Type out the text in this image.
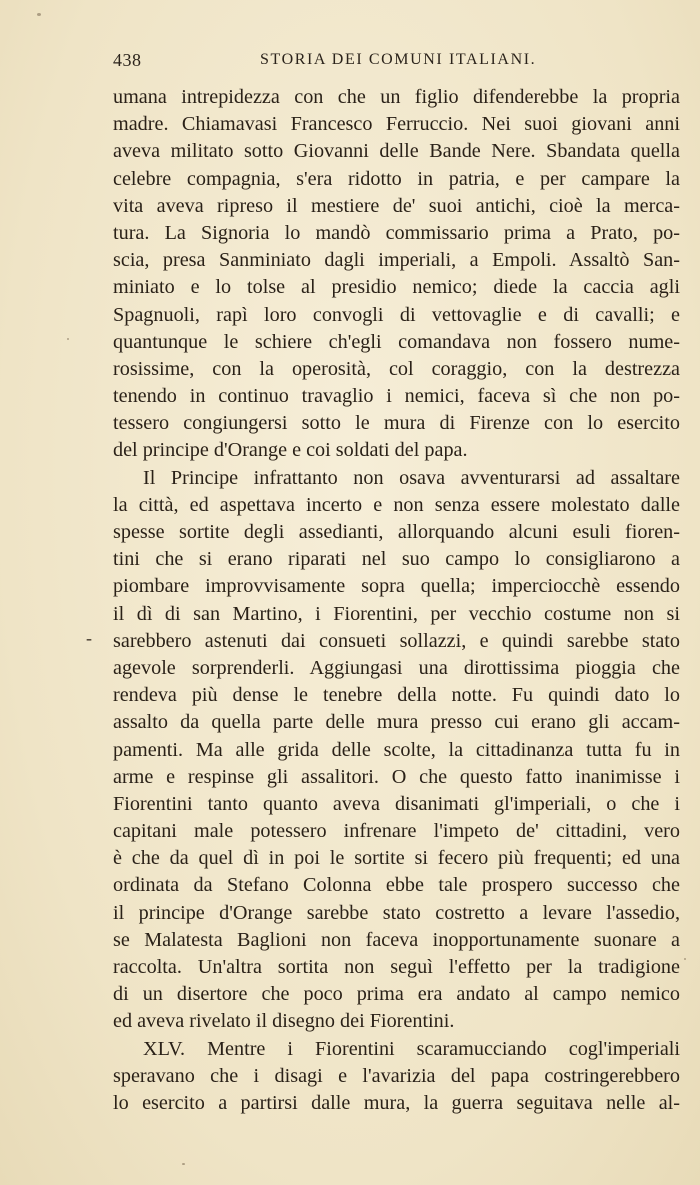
438	STORIA DEI COMUNI ITALIANI.
-
umana intrepidezza con che un figlio difenderebbe la propria
madre. Chiamavasi Francesco Ferruccio. Nei suoi giovani anni
aveva militato sotto Giovanni delle Bande Nere. Sbandata quella
celebre compagnia, s'era ridotto in patria, e per campare la
vita aveva ripreso il mestiere de' suoi antichi, cioè la merca-
tura. La Signoria lo mandò commissario prima a Prato, po-
scia, presa Sanminiato dagli imperiali, a Empoli. Assaltò San-
miniato e lo tolse al presidio nemico; diede la caccia agli
Spagnuoli, rapì loro convogli di vettovaglie e di cavalli; e
quantunque le schiere ch'egli comandava non fossero nume-
rosissime, con la operosità, col coraggio, con la destrezza
tenendo in continuo travaglio i nemici, faceva sì che non po-
tessero congiungersi sotto le mura di Firenze con lo esercito
del principe d'Orange e coi soldati del papa.
Il Principe infrattanto non osava avventurarsi ad assaltare
la città, ed aspettava incerto e non senza essere molestato dalle
spesse sortite degli assedianti, allorquando alcuni esuli fioren-
tini che si erano riparati nel suo campo lo consigliarono a
piombare improvvisamente sopra quella; imperciocchè essendo
il dì di san Martino, i Fiorentini, per vecchio costume non si
sarebbero astenuti dai consueti sollazzi, e quindi sarebbe stato
agevole sorprenderli. Aggiungasi una dirottissima pioggia che
rendeva più dense le tenebre della notte. Fu quindi dato lo
assalto da quella parte delle mura presso cui erano gli accam-
pamenti. Ma alle grida delle scolte, la cittadinanza tutta fu in
arme e respinse gli assalitori. O che questo fatto inanimisse i
Fiorentini tanto quanto aveva disanimati gl'imperiali, o che i
capitani male potessero infrenare l'impeto de' cittadini, vero
è che da quel dì in poi le sortite si fecero più frequenti; ed una
ordinata da Stefano Colonna ebbe tale prospero successo che
il principe d'Orange sarebbe stato costretto a levare l'assedio,
se Malatesta Baglioni non faceva inopportunamente suonare a
raccolta. Un'altra sortita non seguì l'effetto per la tradigione
di un disertore che poco prima era andato al campo nemico
ed aveva rivelato il disegno dei Fiorentini.
XLV. Mentre i Fiorentini scaramucciando cogl'imperiali
speravano che i disagi e l'avarizia del papa costringerebbero
lo esercito a partirsi dalle mura, la guerra seguitava nelle al-
